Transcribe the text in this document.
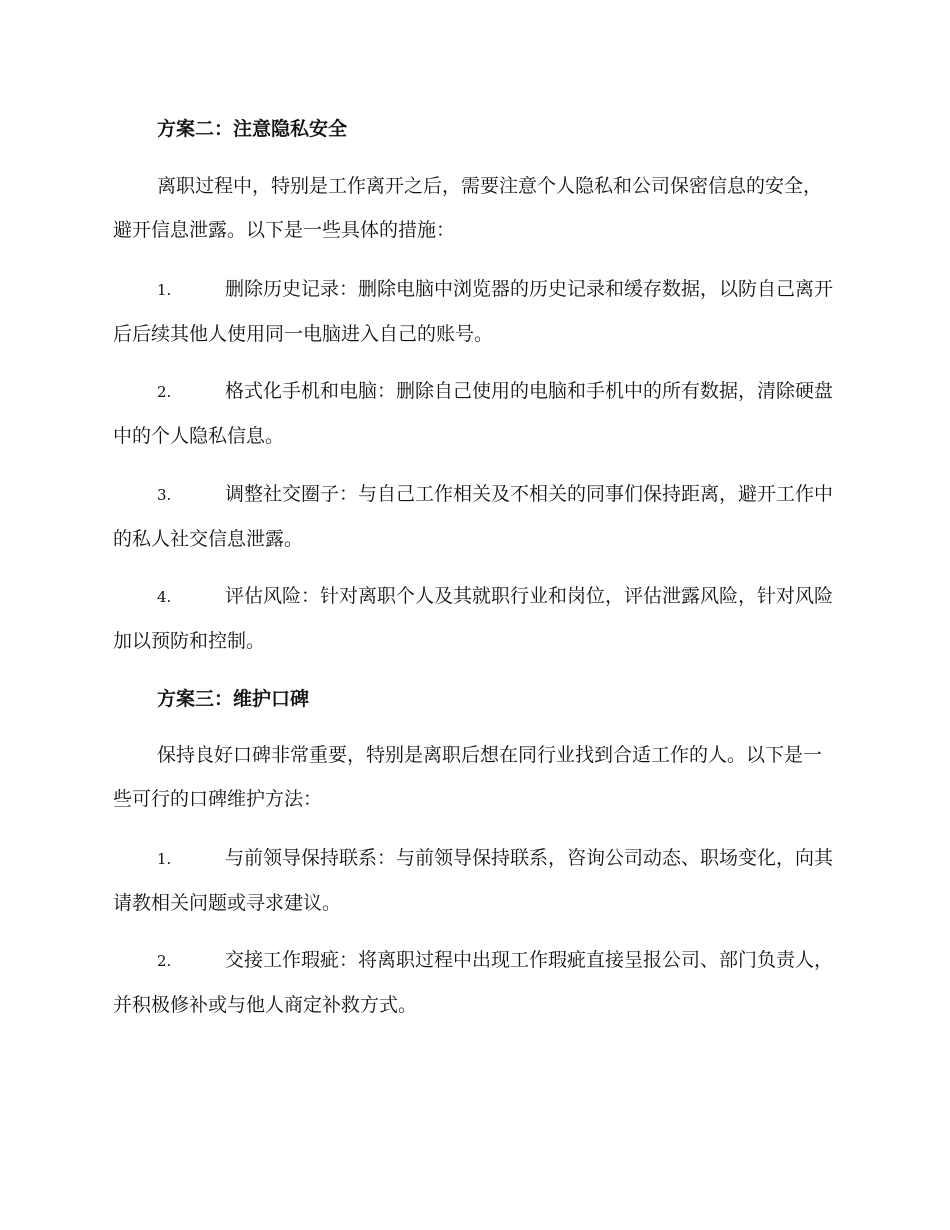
方案二：注意隐私安全

离职过程中，特别是工作离开之后，需要注意个人隐私和公司保密信息的安全，避开信息泄露。以下是一些具体的措施：

1.	删除历史记录：删除电脑中浏览器的历史记录和缓存数据，以防自己离开后后续其他人使用同一电脑进入自己的账号。

2.	格式化手机和电脑：删除自己使用的电脑和手机中的所有数据，清除硬盘中的个人隐私信息。

3.	调整社交圈子：与自己工作相关及不相关的同事们保持距离，避开工作中的私人社交信息泄露。

4.	评估风险：针对离职个人及其就职行业和岗位，评估泄露风险，针对风险加以预防和控制。

方案三：维护口碑

保持良好口碑非常重要，特别是离职后想在同行业找到合适工作的人。以下是一些可行的口碑维护方法：

1.	与前领导保持联系：与前领导保持联系，咨询公司动态、职场变化，向其请教相关问题或寻求建议。

2.	交接工作瑕疵：将离职过程中出现工作瑕疵直接呈报公司、部门负责人，并积极修补或与他人商定补救方式。
